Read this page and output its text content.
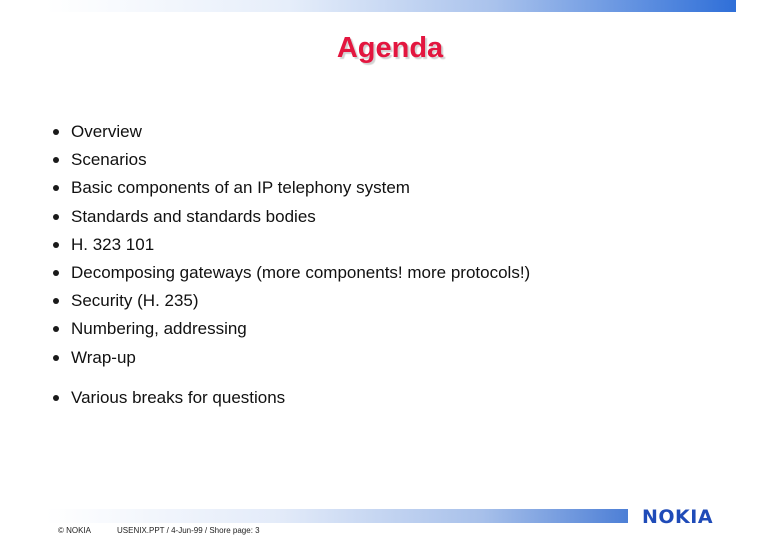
Agenda
Overview
Scenarios
Basic components of an IP telephony system
Standards and standards bodies
H. 323 101
Decomposing gateways (more components! more protocols!)
Security (H. 235)
Numbering, addressing
Wrap-up
Various breaks for questions
NOKIA
© NOKIA	USENIX.PPT / 4-Jun-99 / Shore page: 3
